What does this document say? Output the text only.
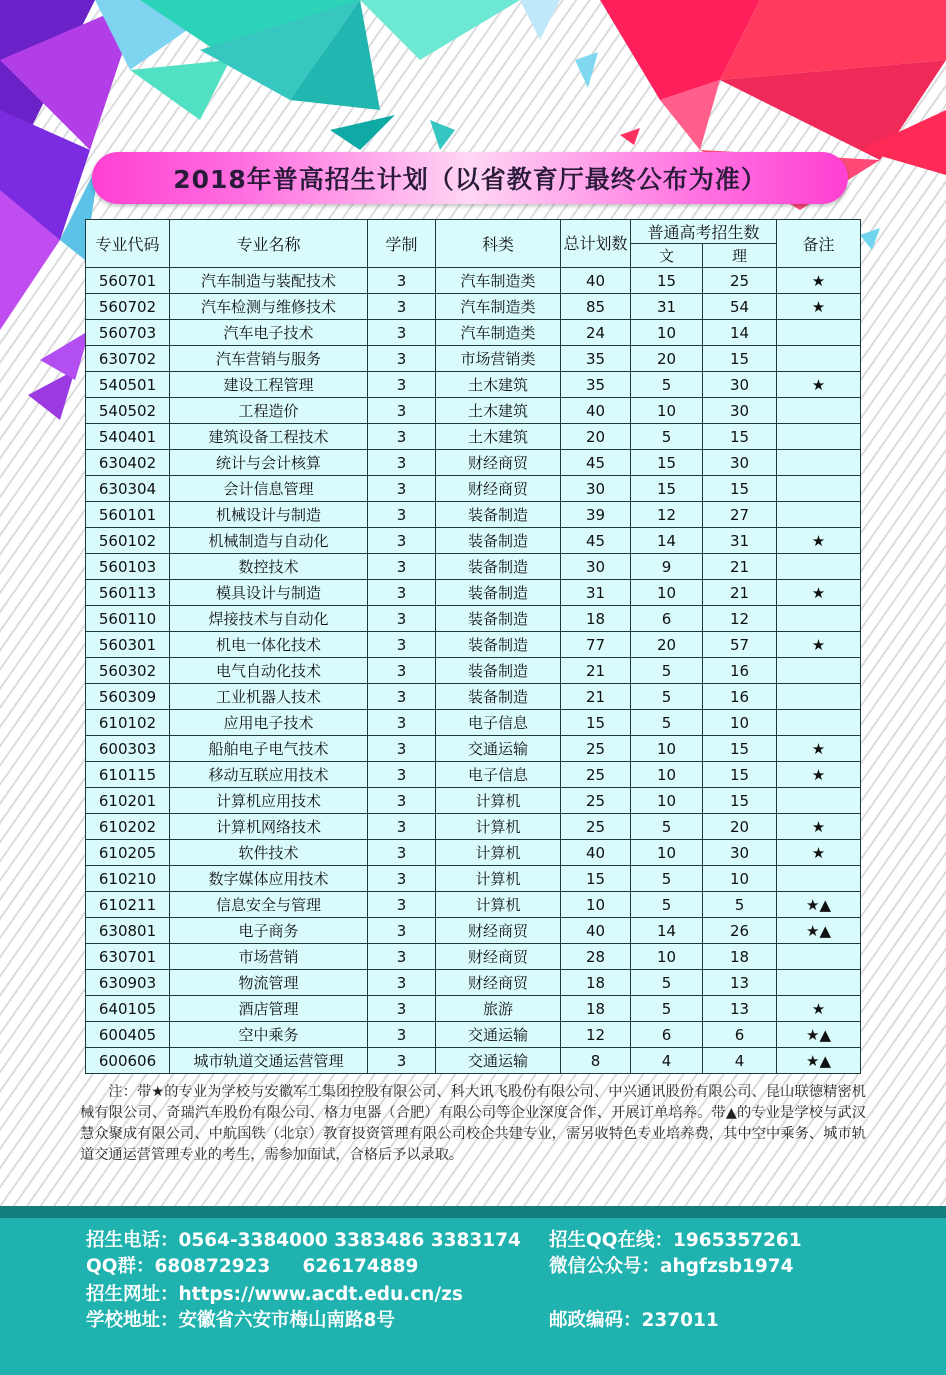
2018年普高招生计划（以省教育厅最终公布为准）
专业代码	专业名称	学制	科类	总计划数	普通高考招生数		备注
					文	理	
560701	汽车制造与装配技术	3	汽车制造类	40	15	25	★
560702	汽车检测与维修技术	3	汽车制造类	85	31	54	★
560703	汽车电子技术	3	汽车制造类	24	10	14	
630702	汽车营销与服务	3	市场营销类	35	20	15	
540501	建设工程管理	3	土木建筑	35	5	30	★
540502	工程造价	3	土木建筑	40	10	30	
540401	建筑设备工程技术	3	土木建筑	20	5	15	
630402	统计与会计核算	3	财经商贸	45	15	30	
630304	会计信息管理	3	财经商贸	30	15	15	
560101	机械设计与制造	3	装备制造	39	12	27	
560102	机械制造与自动化	3	装备制造	45	14	31	★
560103	数控技术	3	装备制造	30	9	21	
560113	模具设计与制造	3	装备制造	31	10	21	★
560110	焊接技术与自动化	3	装备制造	18	6	12	
560301	机电一体化技术	3	装备制造	77	20	57	★
560302	电气自动化技术	3	装备制造	21	5	16	
560309	工业机器人技术	3	装备制造	21	5	16	
610102	应用电子技术	3	电子信息	15	5	10	
600303	船舶电子电气技术	3	交通运输	25	10	15	★
610115	移动互联应用技术	3	电子信息	25	10	15	★
610201	计算机应用技术	3	计算机	25	10	15	
610202	计算机网络技术	3	计算机	25	5	20	★
610205	软件技术	3	计算机	40	10	30	★
610210	数字媒体应用技术	3	计算机	15	5	10	
610211	信息安全与管理	3	计算机	10	5	5	★▲
630801	电子商务	3	财经商贸	40	14	26	★▲
630701	市场营销	3	财经商贸	28	10	18	
630903	物流管理	3	财经商贸	18	5	13	
640105	酒店管理	3	旅游	18	5	13	★
600405	空中乘务	3	交通运输	12	6	6	★▲
600606	城市轨道交通运营管理	3	交通运输	8	4	4	★▲
注：带★的专业为学校与安徽军工集团控股有限公司、科大讯飞股份有限公司、中兴通讯股份有限公司、昆山联德精密机械有限公司、奇瑞汽车股份有限公司、格力电器（合肥）有限公司等企业深度合作、开展订单培养。带▲的专业是学校与武汉慧众聚成有限公司、中航国铁（北京）教育投资管理有限公司校企共建专业，需另收特色专业培养费，其中空中乘务、城市轨道交通运营管理专业的考生，需参加面试，合格后予以录取。
招生电话：0564-3384000 3383486 3383174 招生QQ在线：1965357261
QQ群：680872923     626174889	微信公众号：ahgfzsb1974
招生网址：https://www.acdt.edu.cn/zs
学校地址：安徽省六安市梅山南路8号	邮政编码：237011
